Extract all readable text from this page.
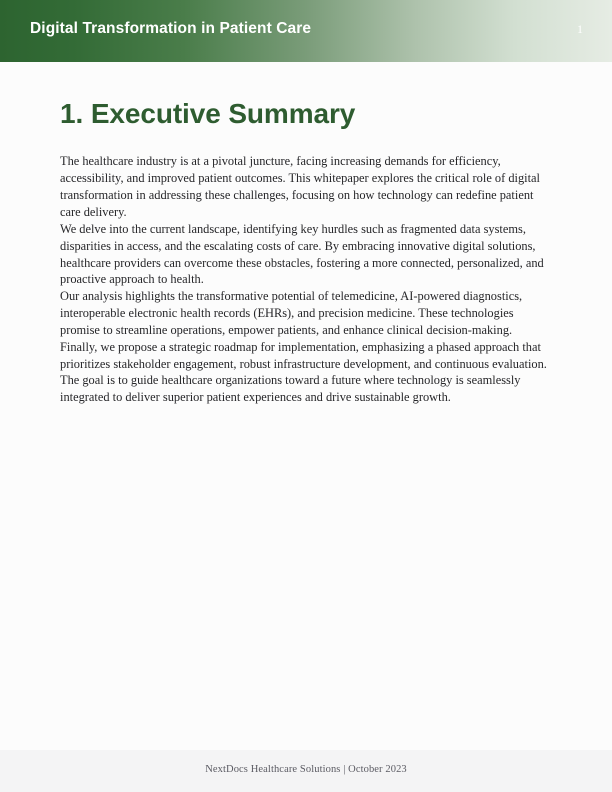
Digital Transformation in Patient Care	1
1. Executive Summary

The healthcare industry is at a pivotal juncture, facing increasing demands for efficiency, accessibility, and improved patient outcomes. This whitepaper explores the critical role of digital transformation in addressing these challenges, focusing on how technology can redefine patient care delivery.

We delve into the current landscape, identifying key hurdles such as fragmented data systems, disparities in access, and the escalating costs of care. By embracing innovative digital solutions, healthcare providers can overcome these obstacles, fostering a more connected, personalized, and proactive approach to health.

Our analysis highlights the transformative potential of telemedicine, AI-powered diagnostics, interoperable electronic health records (EHRs), and precision medicine. These technologies promise to streamline operations, empower patients, and enhance clinical decision-making.

Finally, we propose a strategic roadmap for implementation, emphasizing a phased approach that prioritizes stakeholder engagement, robust infrastructure development, and continuous evaluation. The goal is to guide healthcare organizations toward a future where technology is seamlessly integrated to deliver superior patient experiences and drive sustainable growth.

NextDocs Healthcare Solutions | October 2023
